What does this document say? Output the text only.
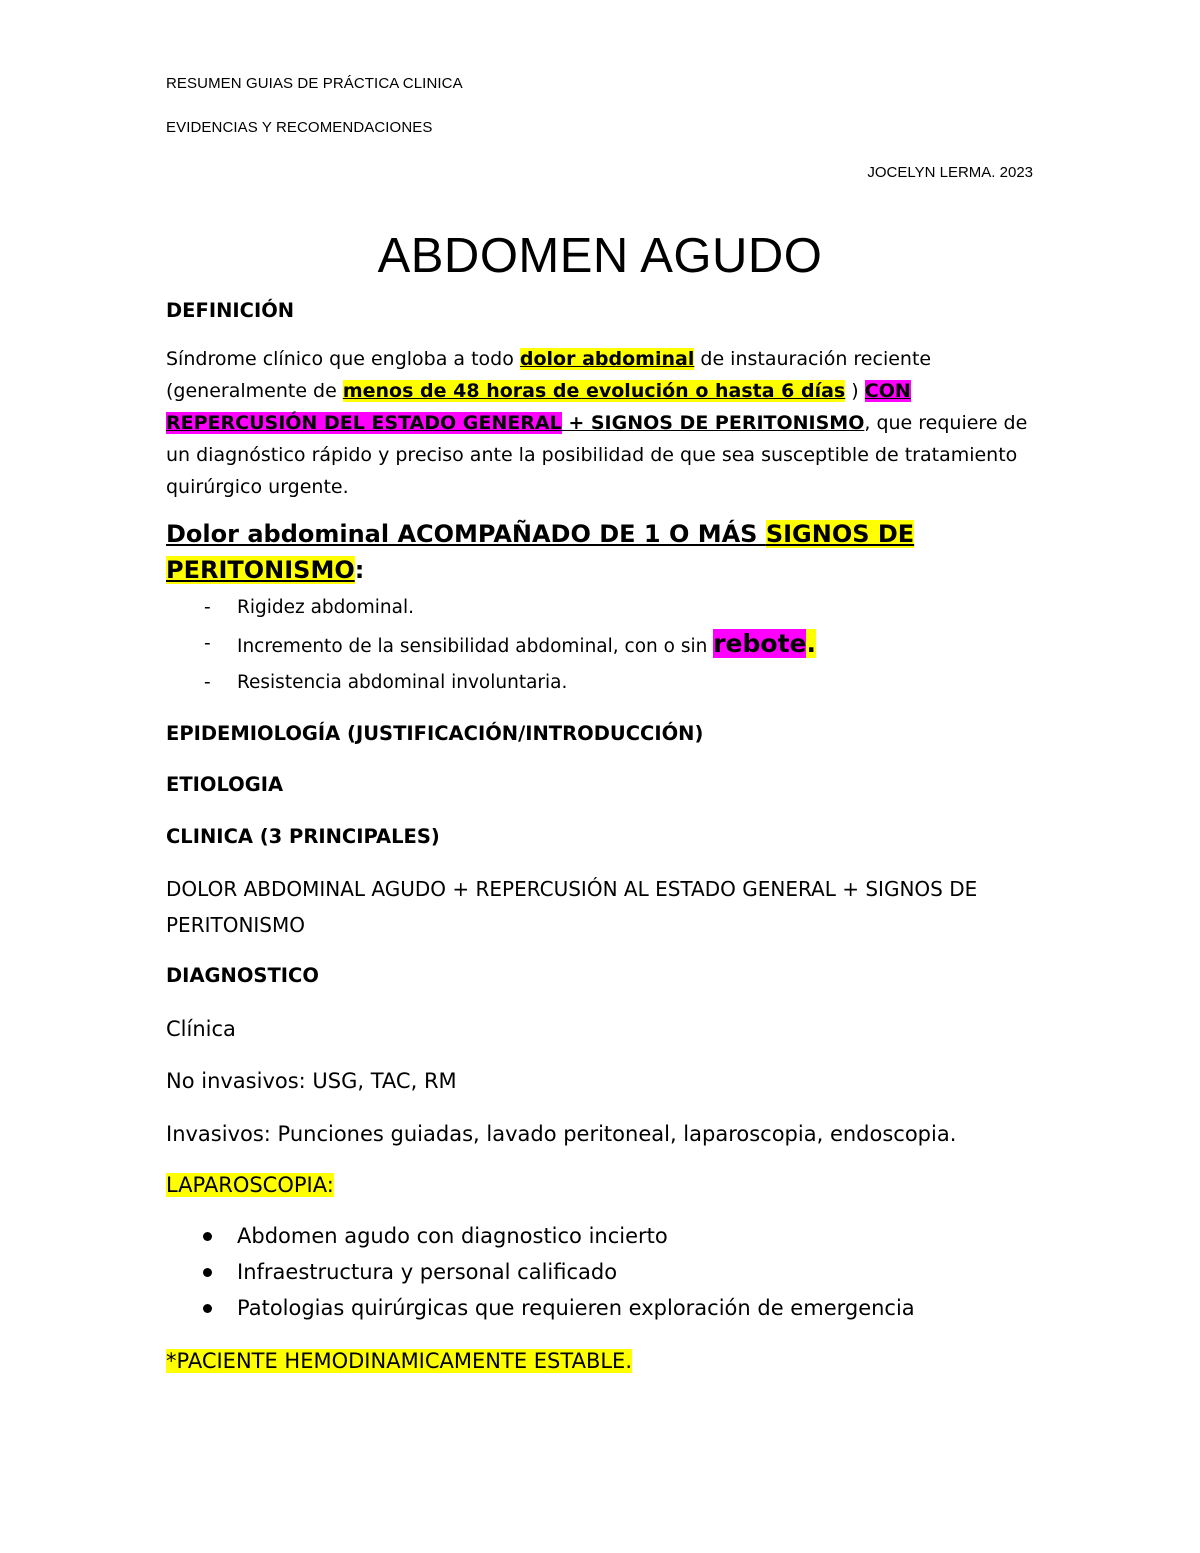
RESUMEN GUIAS DE PRÁCTICA CLINICA
EVIDENCIAS Y RECOMENDACIONES
JOCELYN LERMA. 2023
ABDOMEN AGUDO
DEFINICIÓN
Síndrome clínico que engloba a todo dolor abdominal de instauración reciente (generalmente de menos de 48 horas de evolución o hasta 6 días ) CON REPERCUSIÓN DEL ESTADO GENERAL + SIGNOS DE PERITONISMO, que requiere de un diagnóstico rápido y preciso ante la posibilidad de que sea susceptible de tratamiento quirúrgico urgente.
Dolor abdominal ACOMPAÑADO DE 1 O MÁS SIGNOS DE PERITONISMO:
- Rigidez abdominal.
- Incremento de la sensibilidad abdominal, con o sin rebote.
- Resistencia abdominal involuntaria.
EPIDEMIOLOGÍA (JUSTIFICACIÓN/INTRODUCCIÓN)
ETIOLOGIA
CLINICA (3 PRINCIPALES)
DOLOR ABDOMINAL AGUDO + REPERCUSIÓN AL ESTADO GENERAL + SIGNOS DE PERITONISMO
DIAGNOSTICO
Clínica
No invasivos: USG, TAC, RM
Invasivos: Punciones guiadas, lavado peritoneal, laparoscopia, endoscopia.
LAPAROSCOPIA:
Abdomen agudo con diagnostico incierto
Infraestructura y personal calificado
Patologias quirúrgicas que requieren exploración de emergencia
*PACIENTE HEMODINAMICAMENTE ESTABLE.
